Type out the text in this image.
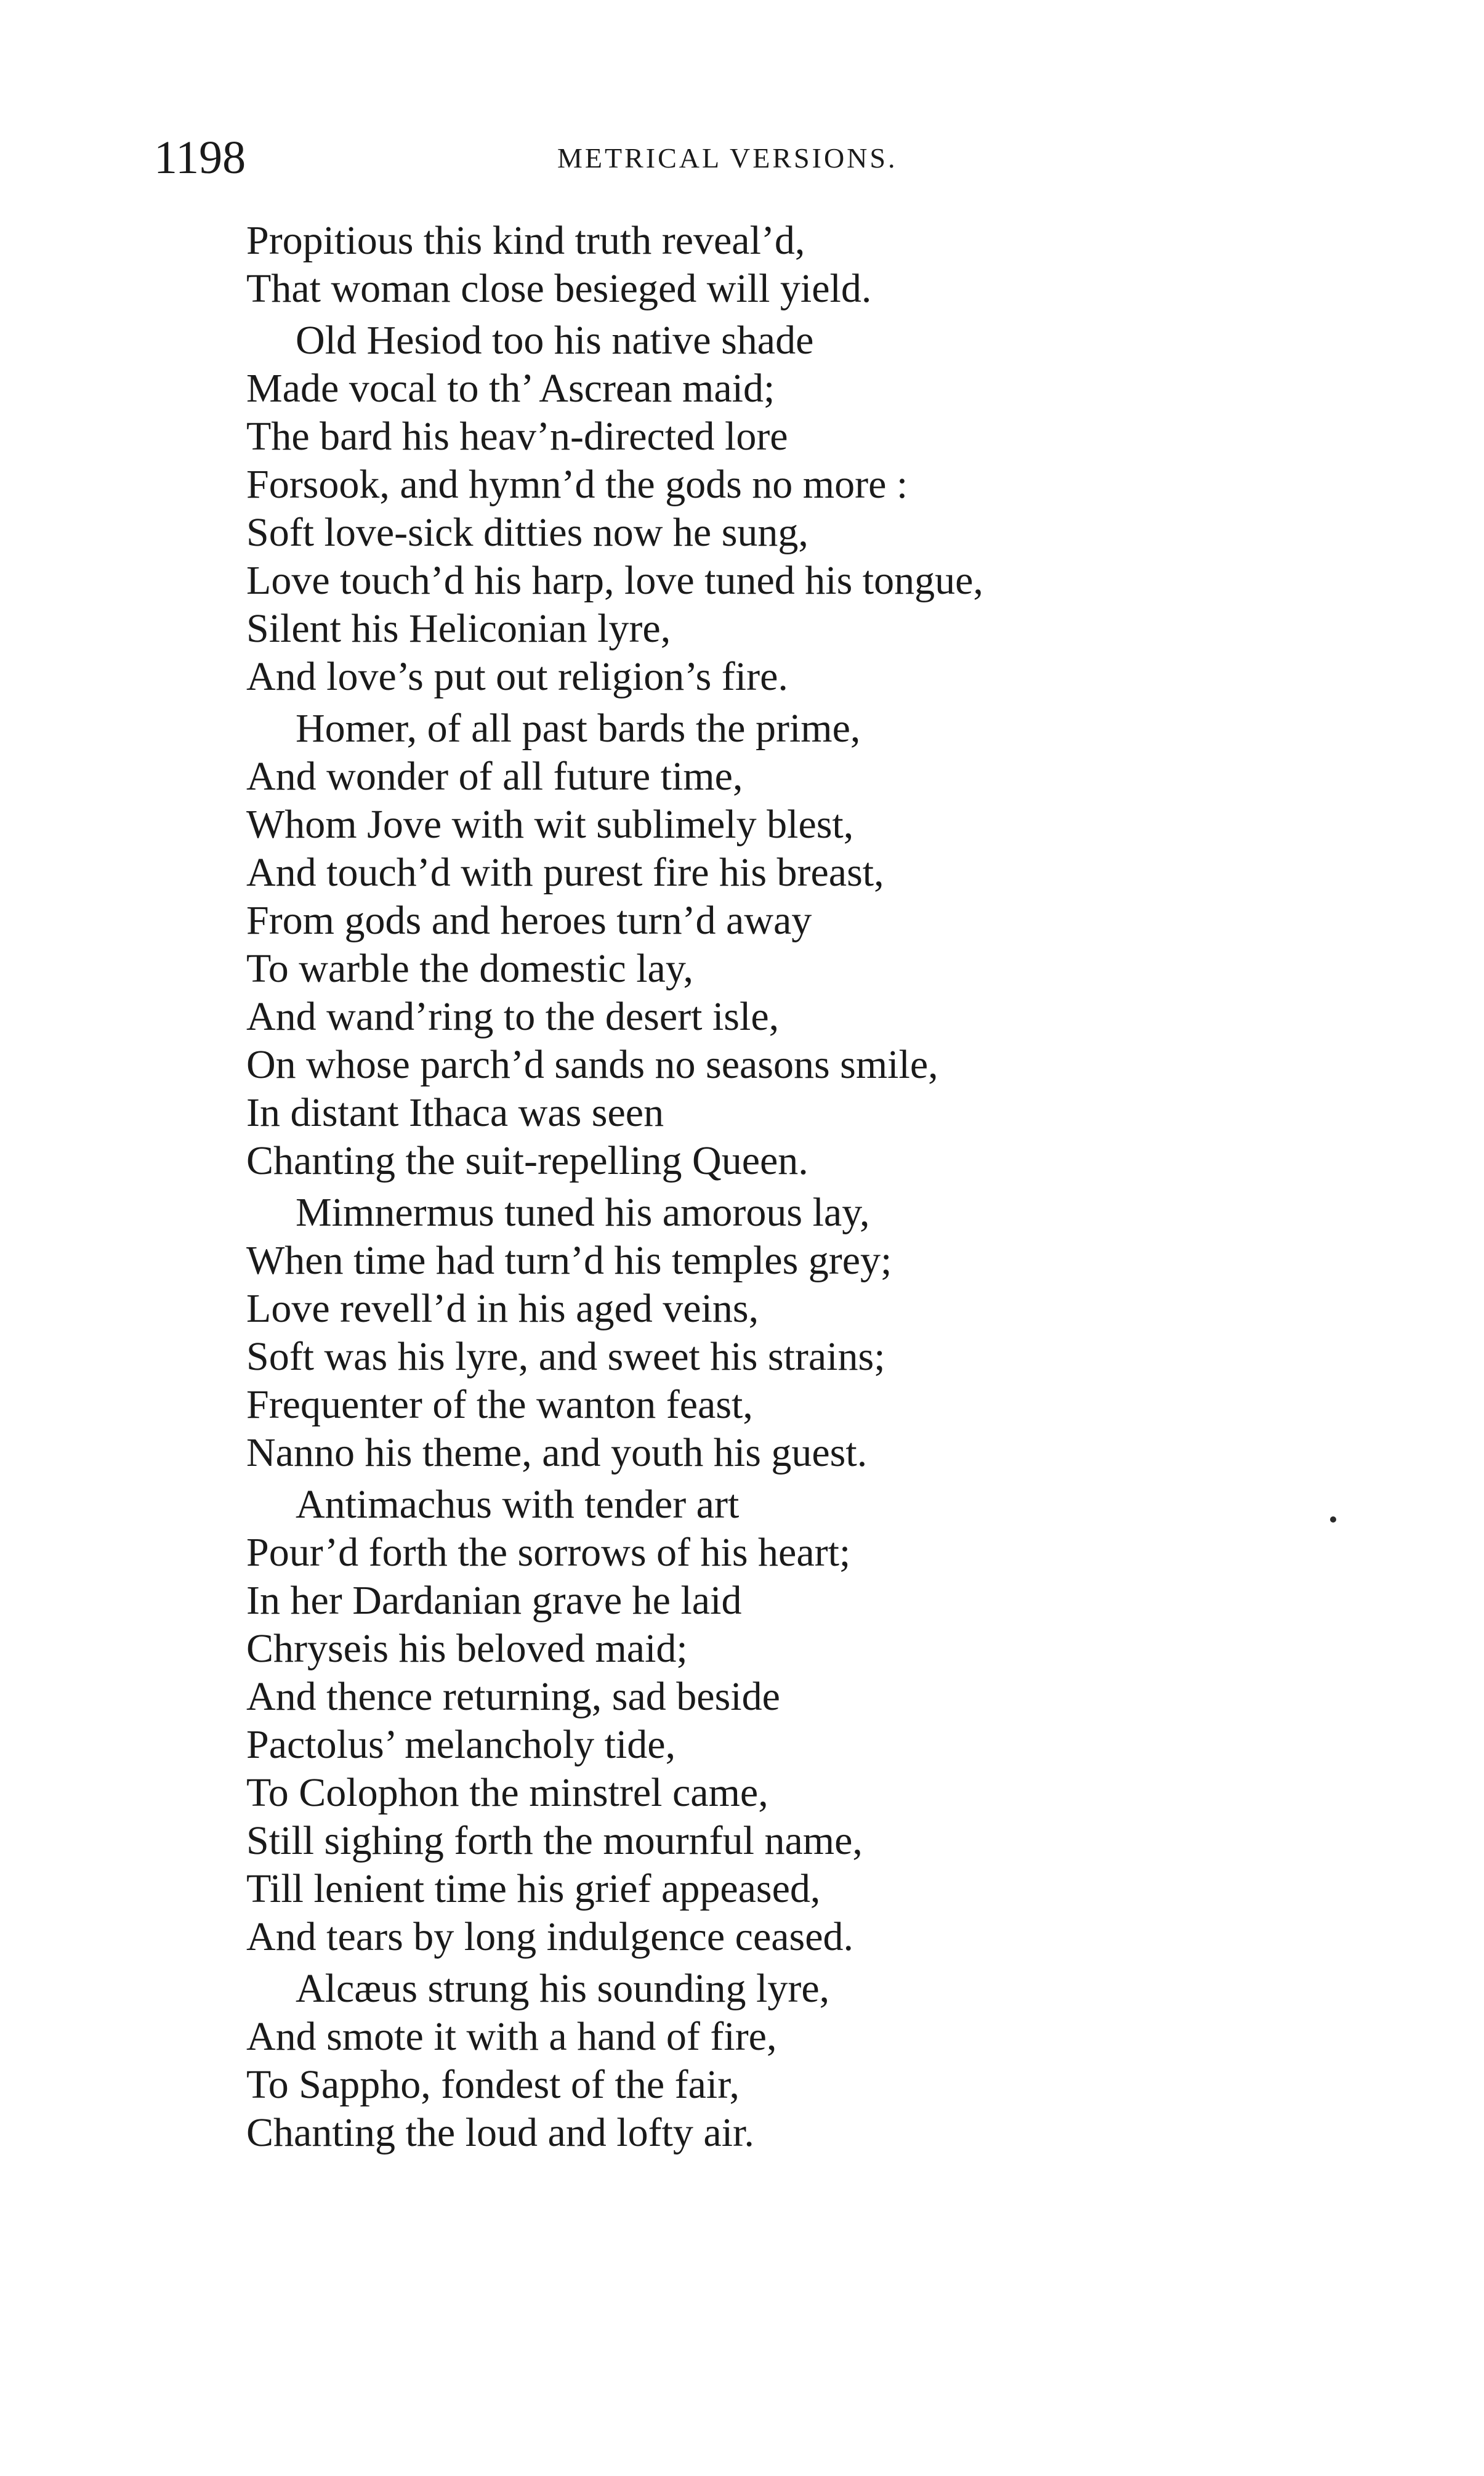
1198	METRICAL VERSIONS.
Propitious this kind truth reveal’d,
That woman close besieged will yield.
Old Hesiod too his native shade
Made vocal to th’ Ascrean maid;
The bard his heav’n-directed lore
Forsook, and hymn’d the gods no more :
Soft love-sick ditties now he sung,
Love touch’d his harp, love tuned his tongue,
Silent his Heliconian lyre,
And love’s put out religion’s fire.
Homer, of all past bards the prime,
And wonder of all future time,
Whom Jove with wit sublimely blest,
And touch’d with purest fire his breast,
From gods and heroes turn’d away
To warble the domestic lay,
And wand’ring to the desert isle,
On whose parch’d sands no seasons smile,
In distant Ithaca was seen
Chanting the suit-repelling Queen.
Mimnermus tuned his amorous lay,
When time had turn’d his temples grey;
Love revell’d in his aged veins,
Soft was his lyre, and sweet his strains;
Frequenter of the wanton feast,
Nanno his theme, and youth his guest.
Antimachus with tender art
Pour’d forth the sorrows of his heart;
In her Dardanian grave he laid
Chryseis his beloved maid;
And thence returning, sad beside
Pactolus’ melancholy tide,
To Colophon the minstrel came,
Still sighing forth the mournful name,
Till lenient time his grief appeased,
And tears by long indulgence ceased.
Alcæus strung his sounding lyre,
And smote it with a hand of fire,
To Sappho, fondest of the fair,
Chanting the loud and lofty air.
